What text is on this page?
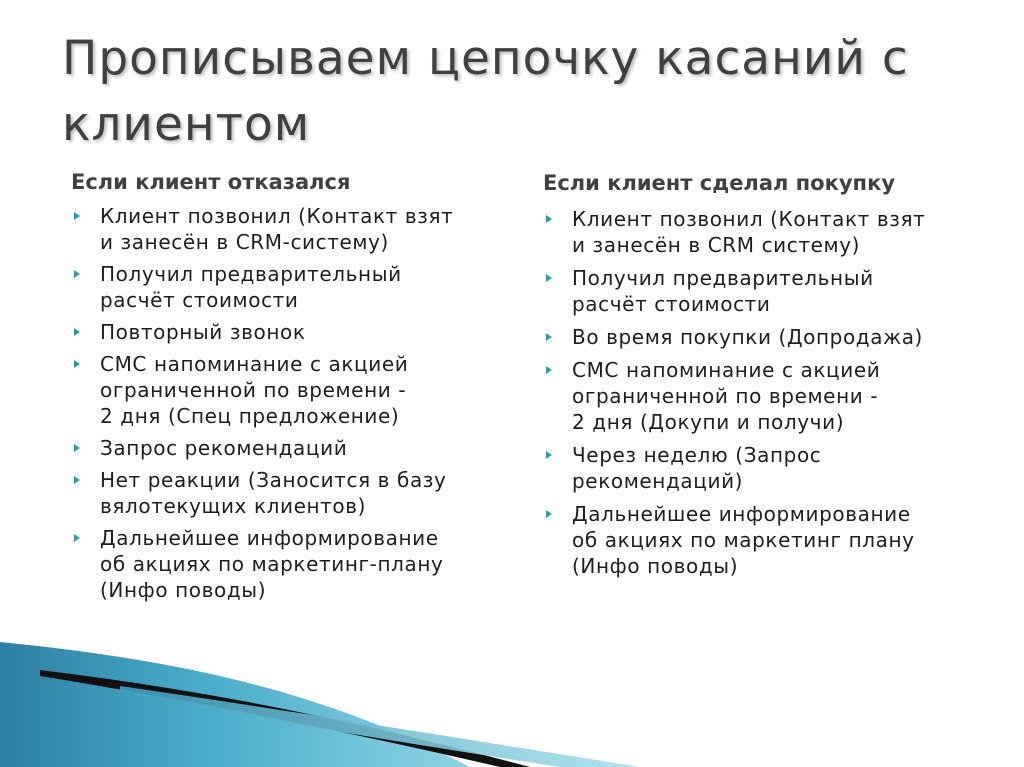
Прописываем цепочку касаний с клиентом
Если клиент отказался
Клиент позвонил (Контакт взят
и занесён в CRM-систему)
Получил предварительный
расчёт стоимости
Повторный звонок
СМС напоминание с акцией
ограниченной по времени -
2 дня (Спец предложение)
Запрос рекомендаций
Нет реакции (Заносится в базу
вялотекущих клиентов)
Дальнейшее информирование
об акциях по маркетинг-плану
(Инфо поводы)
Если клиент сделал покупку
Клиент позвонил (Контакт взят
и занесён в CRM систему)
Получил предварительный
расчёт стоимости
Во время покупки (Допродажа)
СМС напоминание с акцией
ограниченной по времени -
2 дня (Докупи и получи)
Через неделю (Запрос
рекомендаций)
Дальнейшее информирование
об акциях по маркетинг плану
(Инфо поводы)
